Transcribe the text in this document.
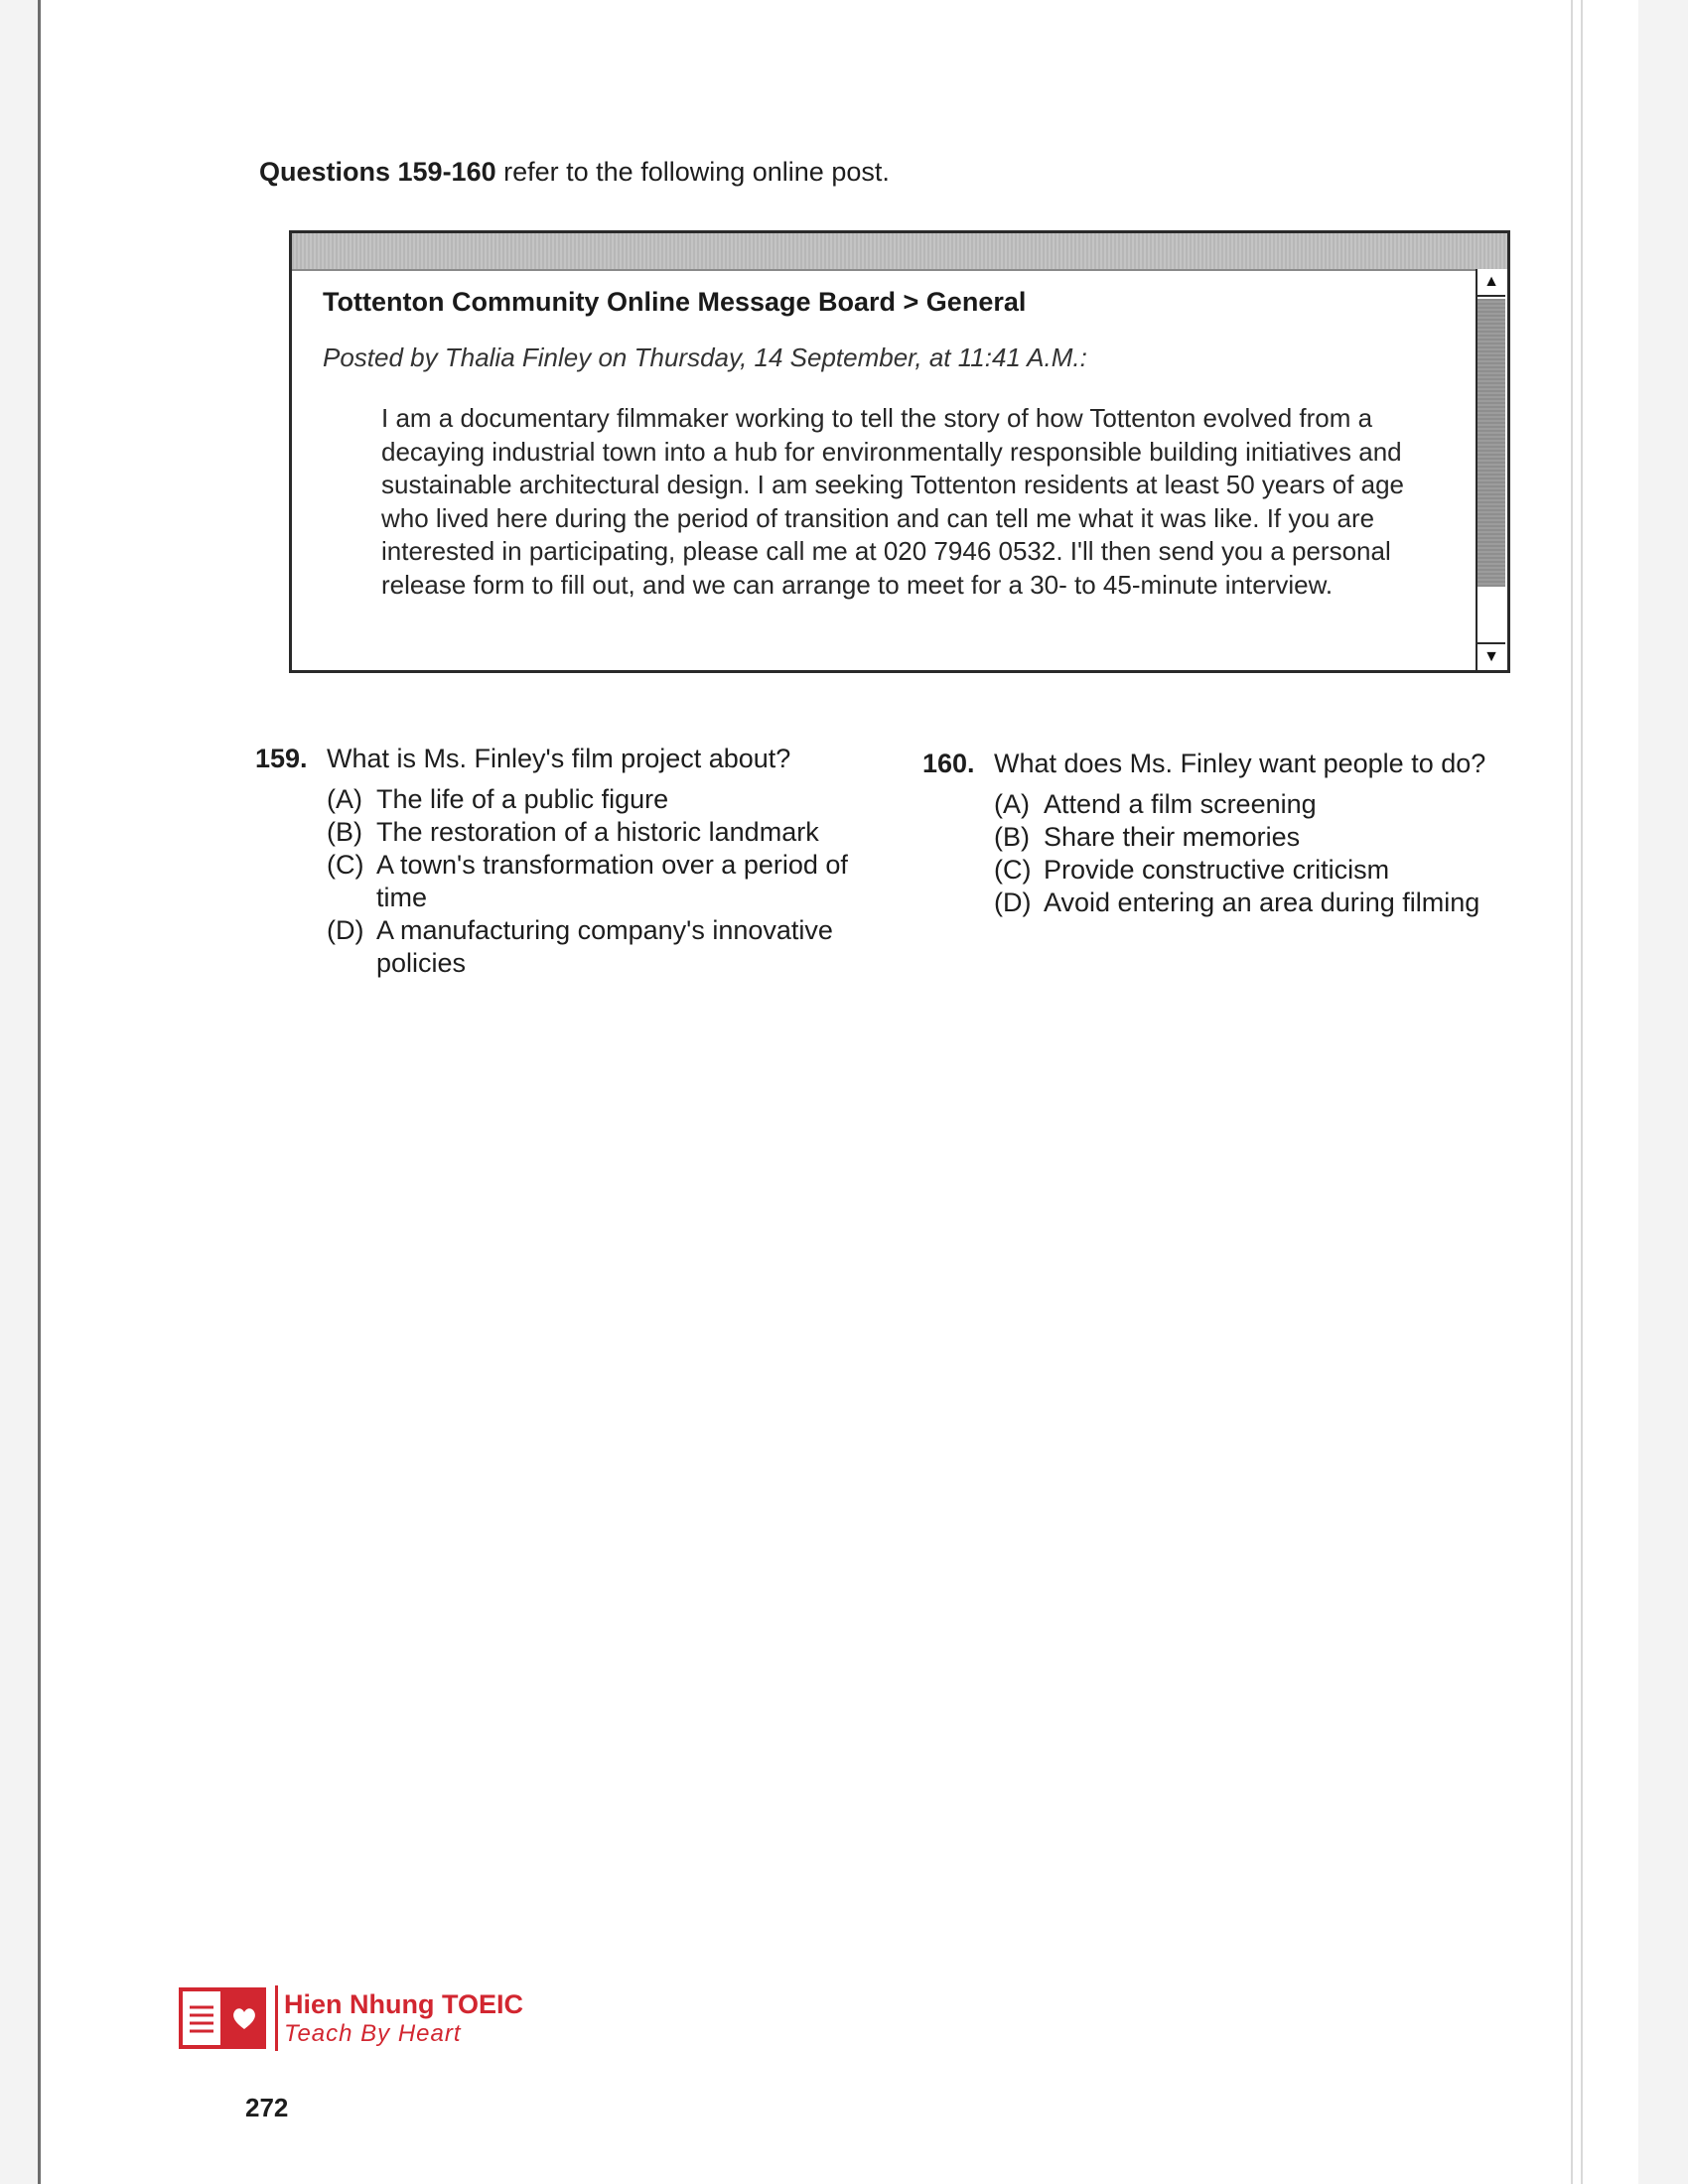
Questions 159-160 refer to the following online post.
Tottenton Community Online Message Board > General
Posted by Thalia Finley on Thursday, 14 September, at 11:41 A.M.:
I am a documentary filmmaker working to tell the story of how Tottenton evolved from a decaying industrial town into a hub for environmentally responsible building initiatives and sustainable architectural design. I am seeking Tottenton residents at least 50 years of age who lived here during the period of transition and can tell me what it was like. If you are interested in participating, please call me at 020 7946 0532. I'll then send you a personal release form to fill out, and we can arrange to meet for a 30- to 45-minute interview.
▲
▼
159. What is Ms. Finley's film project about?
(A) The life of a public figure
(B) The restoration of a historic landmark
(C) A town's transformation over a period of time
(D) A manufacturing company's innovative policies
160. What does Ms. Finley want people to do?
(A) Attend a film screening
(B) Share their memories
(C) Provide constructive criticism
(D) Avoid entering an area during filming
Hien Nhung TOEIC
Teach By Heart
272
